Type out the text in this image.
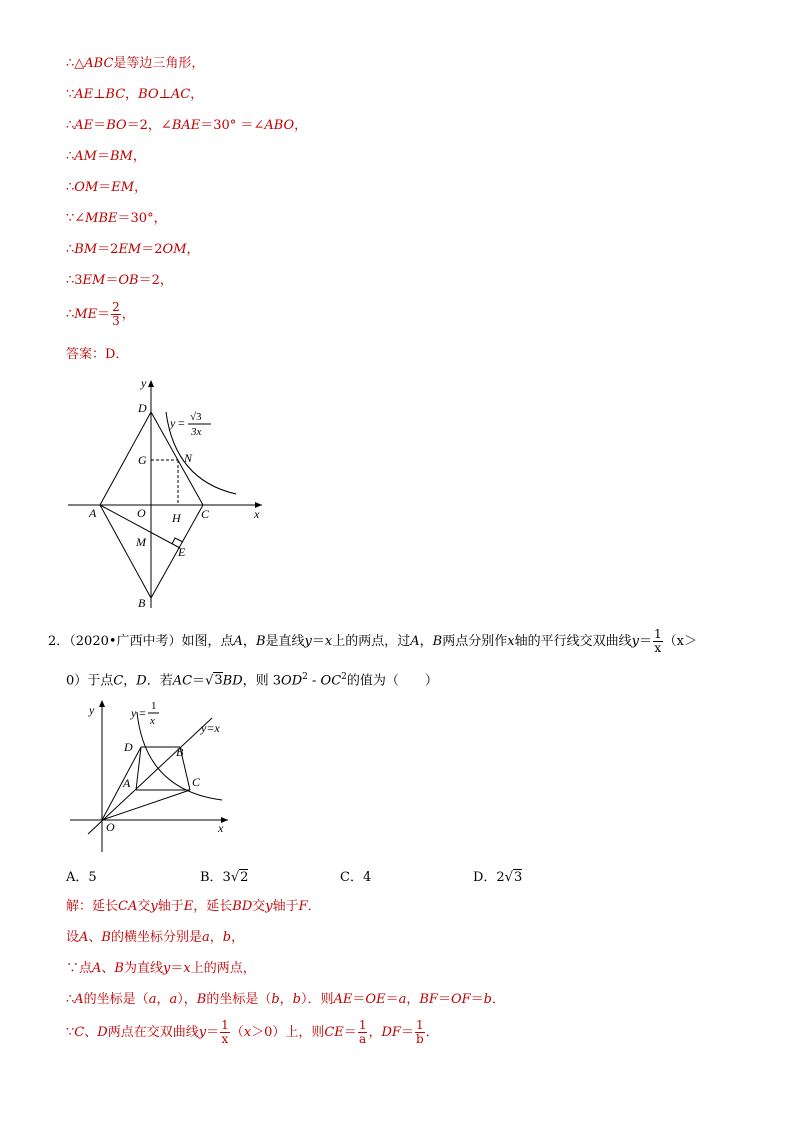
∴△ABC是等边三角形，
∵AE⊥BC，BO⊥AC，
∴AE＝BO＝2，∠BAE＝30° ＝∠ABO，
∴AM＝BM，
∴OM＝EM，
∵∠MBE＝30°，
∴BM＝2EM＝2OM，
∴3EM＝OB＝2，
∴ME＝ $\frac{2}{3}$ ，
答案：D．
y
x
D
G	N
A	O H C
M
E
B
y = √3
3x
2．（2020•广西中考）如图，点A，B是直线y＝x上的两点，过A，B两点分别作x轴的平行线交双曲线$y= \frac{1}{x} (x>$
0）于点C，D．若AC＝√3BD，则 $3OD^2 - OC^2$的值为（　　）
y
x
O
D	B
A	C
y=x
y = 1
x
A．5	B．3√2	C．4	D．2√3
解：延长CA交y轴于E，延长BD交y轴于F．
设A、B的横坐标分别是a，b，
∵点A、B为直线y＝x上的两点，
∴A的坐标是（a，a），B的坐标是（b，b）．则AE＝OE＝a，BF＝OF＝b．
∵C、D两点在交双曲线$y= \frac{1}{x} (x>0)$上，则$CE= \frac{1}{a}$ ，$DF= \frac{1}{b}$ ．
